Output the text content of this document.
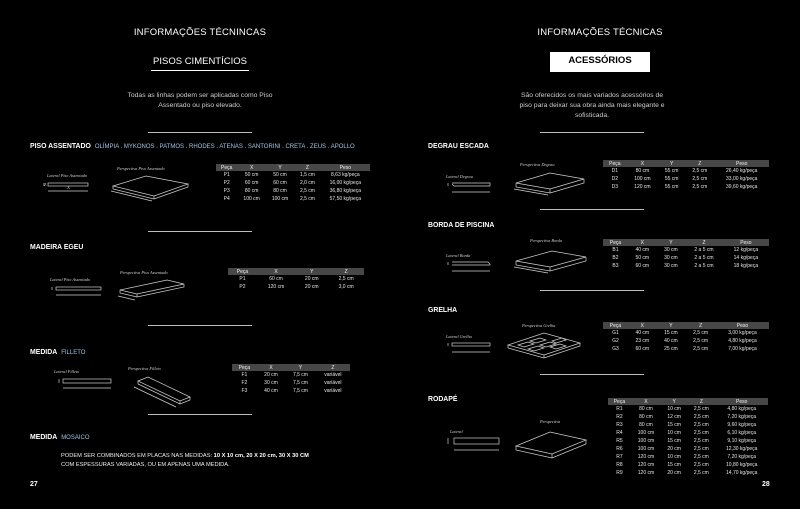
INFORMAÇÕES TÉCNINCAS
PISOS CIMENTÍCIOS
Todas as linhas podem ser aplicadas como Piso
Assentado ou piso elevado.
PISO ASSENTADO OLÍMPIA . MYKONOS . PATMOS . RHODES . ATENAS . SANTORINI . CRETA . ZEUS . APOLLO
Lateral Piso Assentado
Z
X
Perspectiva Piso Assentado	Peça	X	Y	Z	Peso
P1	50 cm	50 cm	1,5 cm	8,63 kg/peça
P2	60 cm	60 cm	2,0 cm	16,00 kg/peça
P3	80 cm	80 cm	2,5 cm	36,80 kg/peça
P4	100 cm	100 cm	2,5 cm	57,50 kg/peça
MADEIRA EGEU
Lateral Piso Assentado
Perspectiva Piso Assentado	Peça	X	Y	Z
P1	60 cm	20 cm	2,5 cm
P2	120 cm	20 cm	3,0 cm
MEDIDA FILLETO
Lateral Filleto
Perspectiva Filleto	Peça	X	Y	Z
F1	20 cm	7,5 cm	variável
F2	30 cm	7,5 cm	variável
F3	40 cm	7,5 cm	variável
MEDIDA MOSAICO
PODEM SER COMBINADOS EM PLACAS NAS MEDIDAS: 10 X 10 cm, 20 X 20 cm, 30 X 30 CM
COM ESPESSURAS VARIADAS, OU EM APENAS UMA MEDIDA.
27
INFORMAÇÕES TÉCNICAS
ACESSÓRIOS
São oferecidos os mais variados acessórios de
piso para deixar sua obra ainda mais elegante e
sofisticada.
DEGRAU ESCADA
Lateral Degrau
Perspectiva Degrau	Peça	X	Y	Z	Peso
D1	80 cm	55 cm	2,5 cm	26,40 kg/peça
D2	100 cm	55 cm	2,5 cm	33,00 kg/peça
D3	120 cm	55 cm	2,5 cm	39,60 kg/peça
BORDA DE PISCINA
Lateral Borda
Perspectiva Borda	Peça	X	Y	Z	Peso
B1	40 cm	30 cm	2 a 5 cm	12 kg/peça
B2	50 cm	30 cm	2 a 5 cm	14 kg/peça
B3	60 cm	30 cm	2 a 5 cm	18 kg/peça
GRELHA
Lateral Grelha
Perspectiva Grelha	Peça	X	Y	Z	Peso
G1	40 cm	15 cm	2,5 cm	3,00 kg/peça
G2	23 cm	40 cm	2,5 cm	4,80 kg/peça
G3	60 cm	25 cm	2,5 cm	7,00 kg/peça
RODAPÉ
Lateral
Perspectiva
Peça	X	Y	Z	Peso
R1	80 cm	10 cm	2,5 cm	4,80 kg/peça
R2	80 cm	12 cm	2,5 cm	7,20 kg/peça
R3	80 cm	15 cm	2,5 cm	9,60 kg/peça
R4	100 cm	10 cm	2,5 cm	6,10 kg/peça
R5	100 cm	15 cm	2,5 cm	9,10 kg/peça
R6	100 cm	20 cm	2,5 cm	12,30 kg/peça
R7	120 cm	10 cm	2,5 cm	7,20 kg/peça
R8	120 cm	15 cm	2,5 cm	10,80 kg/peça
R9	120 cm	20 cm	2,5 cm	14,70 kg/peça
28
